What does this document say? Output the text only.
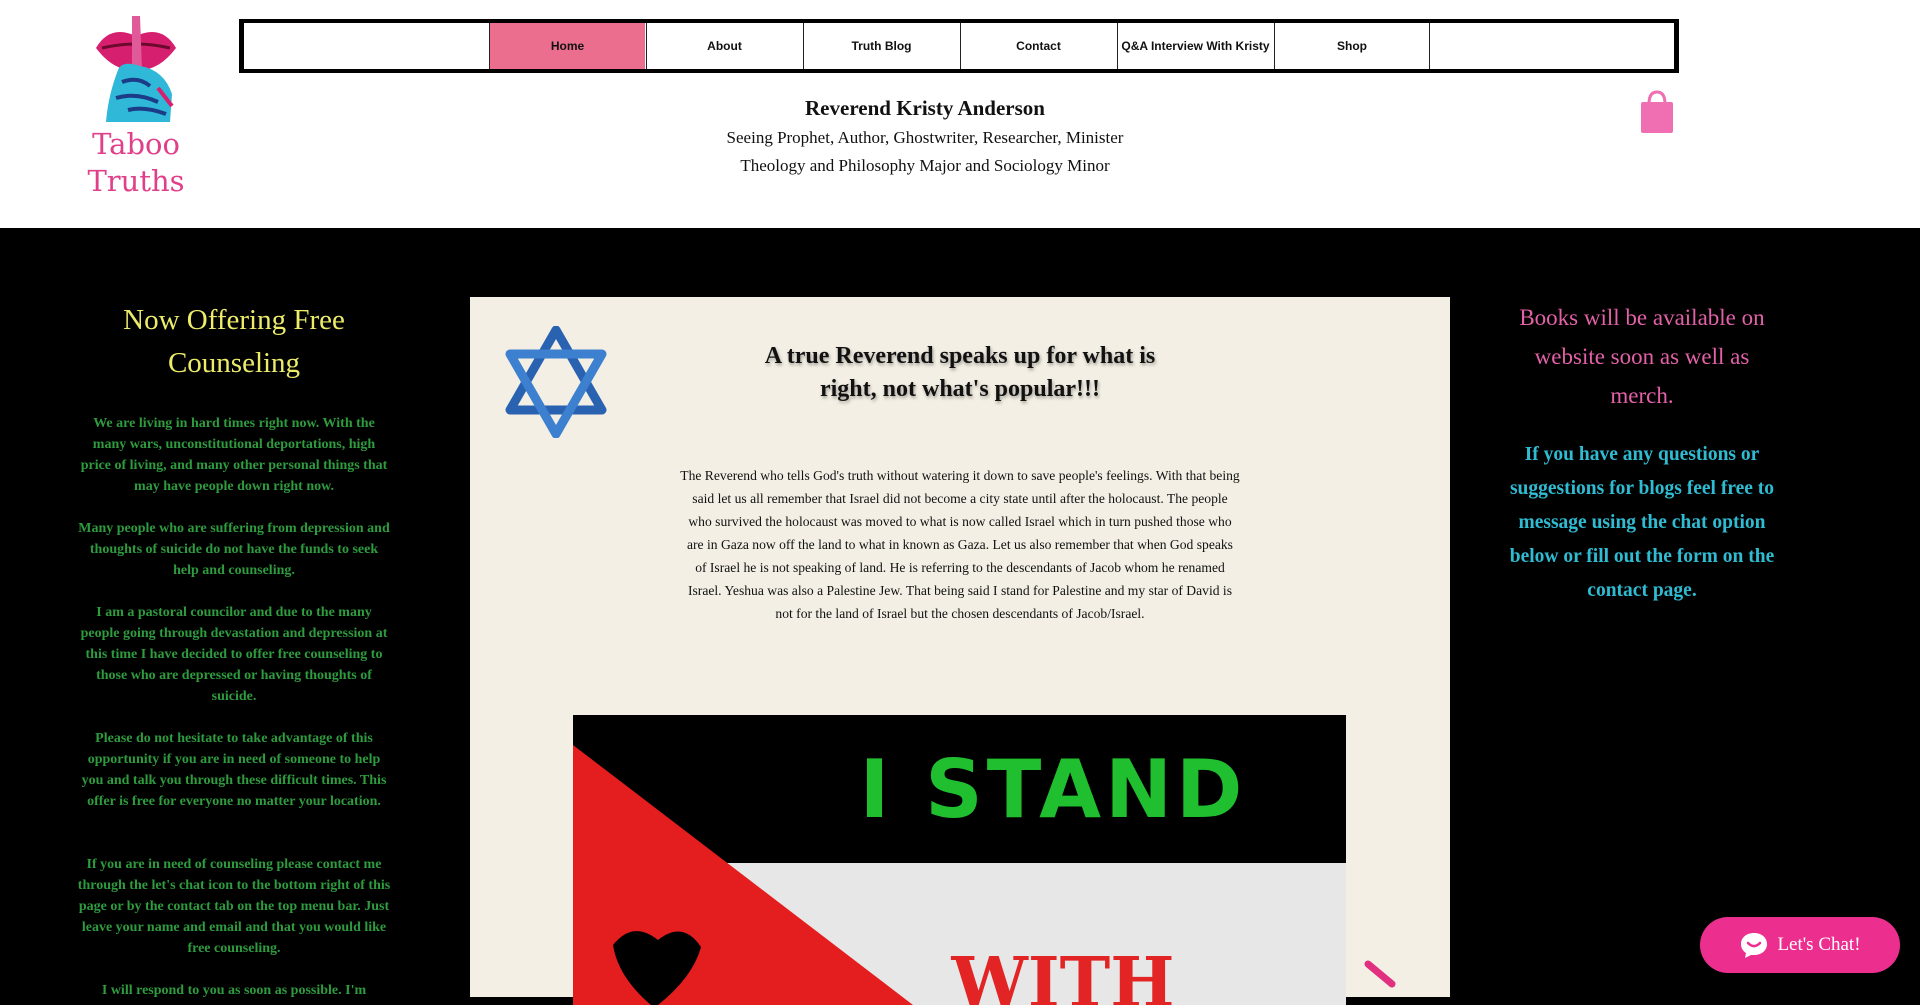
Taboo
Truths
Home	About	Truth Blog	Contact	Q&A Interview With Kristy	Shop
Reverend Kristy Anderson
Seeing Prophet, Author, Ghostwriter, Researcher, Minister
Theology and Philosophy Major and Sociology Minor
Now Offering Free Counseling
We are living in hard times right now. With the many wars, unconstitutional deportations, high price of living, and many other personal things that may have people down right now.
Many people who are suffering from depression and thoughts of suicide do not have the funds to seek help and counseling.
I am a pastoral councilor and due to the many people going through devastation and depression at this time I have decided to offer free counseling to those who are depressed or having thoughts of suicide.
Please do not hesitate to take advantage of this opportunity if you are in need of someone to help you and talk you through these difficult times. This offer is free for everyone no matter your location.
If you are in need of counseling please contact me through the let's chat icon to the bottom right of this page or by the contact tab on the top menu bar. Just leave your name and email and that you would like free counseling.
I will respond to you as soon as possible. I'm
A true Reverend speaks up for what is right, not what's popular!!!
The Reverend who tells God's truth without watering it down to save people's feelings. With that being said let us all remember that Israel did not become a city state until after the holocaust. The people who survived the holocaust was moved to what is now called Israel which in turn pushed those who are in Gaza now off the land to what in known as Gaza. Let us also remember that when God speaks of Israel he is not speaking of land. He is referring to the descendants of Jacob whom he renamed Israel. Yeshua was also a Palestine Jew. That being said I stand for Palestine and my star of David is not for the land of Israel but the chosen descendants of Jacob/Israel.
I STAND
WITH
Books will be available on website soon as well as merch.
If you have any questions or suggestions for blogs feel free to message using the chat option below or fill out the form on the contact page.
Let's Chat!
